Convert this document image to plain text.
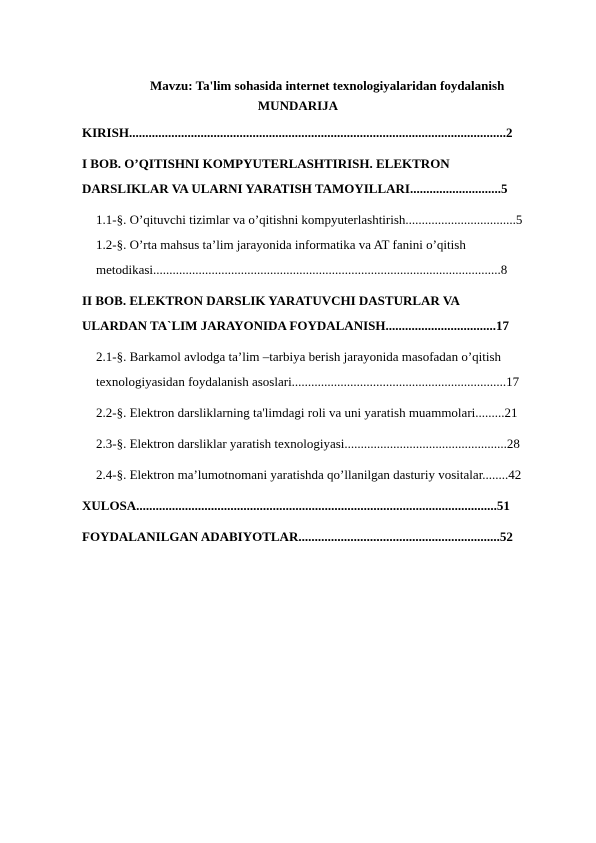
Mavzu: Ta'lim sohasida internet texnologiyalaridan foydalanish
MUNDARIJA
KIRISH....................................................................................................................2
I BOB. O’QITISHNI KOMPYUTERLASHTIRISH. ELEKTRON
DARSLIKLAR VA ULARNI YARATISH TAMOYILLARI............................5
1.1-§. O’qituvchi tizimlar va o’qitishni kompyuterlashtirish..................................5
1.2-§. O’rta mahsus ta’lim jarayonida informatika va AT fanini o’qitish
metodikasi...........................................................................................................8
II BOB. ELEKTRON DARSLIK YARATUVCHI DASTURLAR VA
ULARDAN TA`LIM JARAYONIDA FOYDALANISH..................................17
2.1-§. Barkamol avlodga ta’lim –tarbiya berish jarayonida masofadan o’qitish
texnologiyasidan foydalanish asoslari..................................................................17
2.2-§. Elektron darsliklarning ta'limdagi roli va uni yaratish muammolari.........21
2.3-§. Elektron darsliklar yaratish texnologiyasi..................................................28
2.4-§. Elektron ma’lumotnomani yaratishda qo’llanilgan dasturiy vositalar........42
XULOSA...............................................................................................................51
FOYDALANILGAN ADABIYOTLAR..............................................................52
